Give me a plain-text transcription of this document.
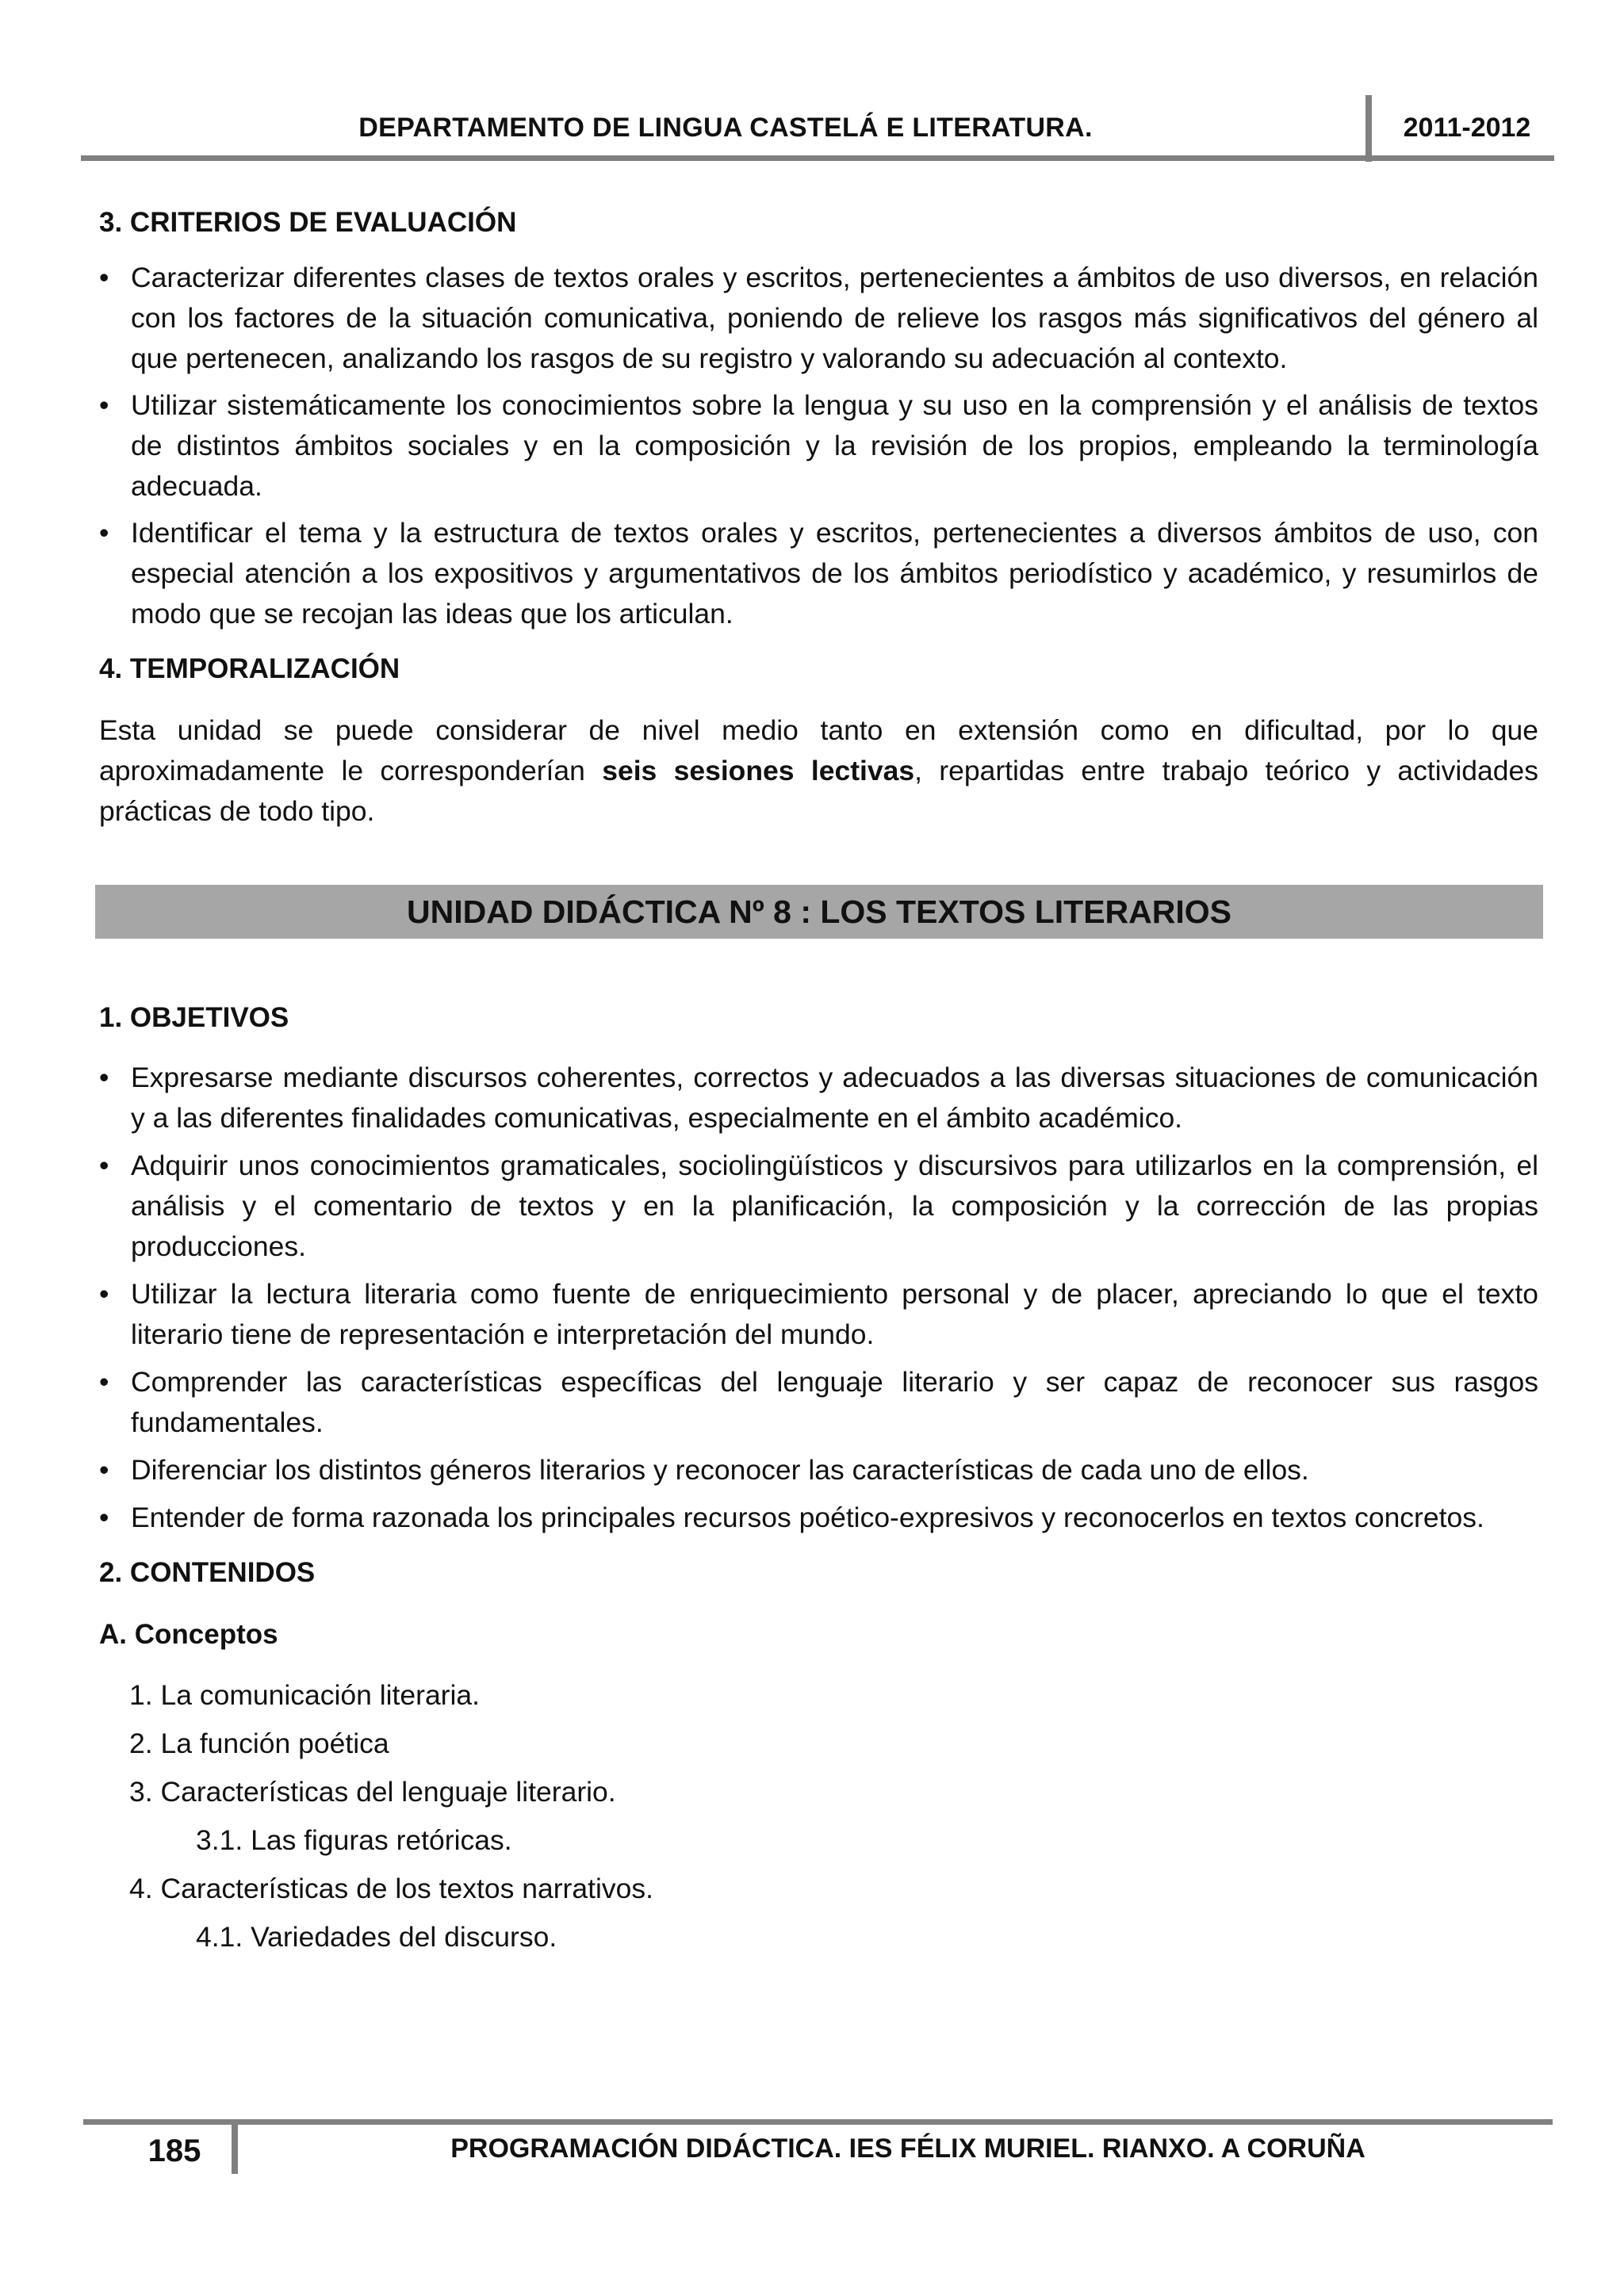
DEPARTAMENTO DE LINGUA CASTELÁ E LITERATURA.	2011-2012

3. CRITERIOS DE EVALUACIÓN

• Caracterizar diferentes clases de textos orales y escritos, pertenecientes a ámbitos de uso diversos, en relación con los factores de la situación comunicativa, poniendo de relieve los rasgos más significativos del género al que pertenecen, analizando los rasgos de su registro y valorando su adecuación al contexto.
• Utilizar sistemáticamente los conocimientos sobre la lengua y su uso en la comprensión y el análisis de textos de distintos ámbitos sociales y en la composición y la revisión de los propios, empleando la terminología adecuada.
• Identificar el tema y la estructura de textos orales y escritos, pertenecientes a diversos ámbitos de uso, con especial atención a los expositivos y argumentativos de los ámbitos periodístico y académico, y resumirlos de modo que se recojan las ideas que los articulan.

4. TEMPORALIZACIÓN

Esta unidad se puede considerar de nivel medio tanto en extensión como en dificultad, por lo que aproximadamente le corresponderían seis sesiones lectivas, repartidas entre trabajo teórico y actividades prácticas de todo tipo.

UNIDAD DIDÁCTICA Nº 8 : LOS TEXTOS LITERARIOS

1. OBJETIVOS

• Expresarse mediante discursos coherentes, correctos y adecuados a las diversas situaciones de comunicación y a las diferentes finalidades comunicativas, especialmente en el ámbito académico.
• Adquirir unos conocimientos gramaticales, sociolingüísticos y discursivos para utilizarlos en la comprensión, el análisis y el comentario de textos y en la planificación, la composición y la corrección de las propias producciones.
• Utilizar la lectura literaria como fuente de enriquecimiento personal y de placer, apreciando lo que el texto literario tiene de representación e interpretación del mundo.
• Comprender las características específicas del lenguaje literario y ser capaz de reconocer sus rasgos fundamentales.
• Diferenciar los distintos géneros literarios y reconocer las características de cada uno de ellos.
• Entender de forma razonada los principales recursos poético-expresivos y reconocerlos en textos concretos.

2. CONTENIDOS

A. Conceptos

1. La comunicación literaria.
2. La función poética
3. Características del lenguaje literario.
3.1. Las figuras retóricas.
4. Características de los textos narrativos.
4.1. Variedades del discurso.
185	PROGRAMACIÓN DIDÁCTICA. IES FÉLIX MURIEL. RIANXO. A CORUÑA
